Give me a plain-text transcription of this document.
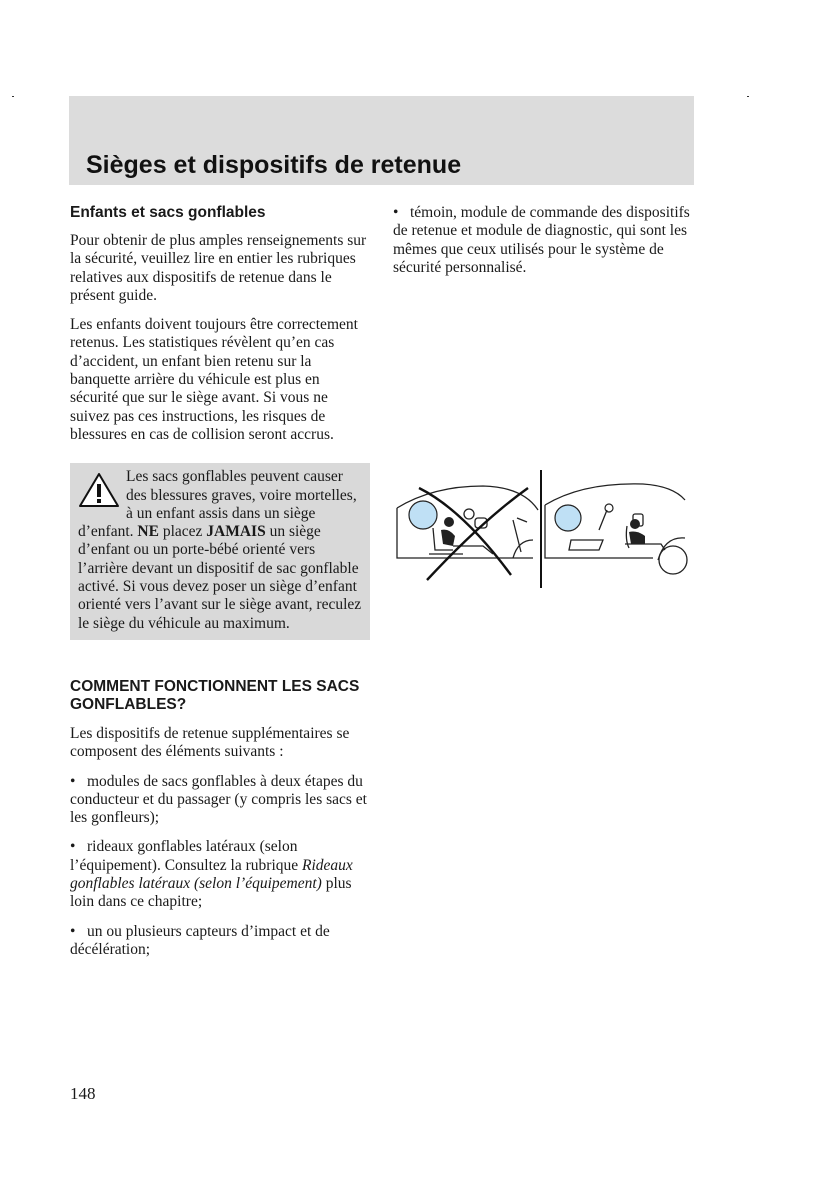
Sièges et dispositifs de retenue
Enfants et sacs gonflables

Pour obtenir de plus amples renseignements sur la sécurité, veuillez lire en entier les rubriques relatives aux dispositifs de retenue dans le présent guide.

Les enfants doivent toujours être correctement retenus. Les statistiques révèlent qu’en cas d’accident, un enfant bien retenu sur la banquette arrière du véhicule est plus en sécurité que sur le siège avant. Si vous ne suivez pas ces instructions, les risques de blessures en cas de collision seront accrus.

Les sacs gonflables peuvent causer des blessures graves, voire mortelles, à un enfant assis dans un siège d’enfant. NE placez JAMAIS un siège d’enfant ou un porte-bébé orienté vers l’arrière devant un dispositif de sac gonflable activé. Si vous devez poser un siège d’enfant orienté vers l’avant sur le siège avant, reculez le siège du véhicule au maximum.
COMMENT FONCTIONNENT LES SACS GONFLABLES?

Les dispositifs de retenue supplémentaires se composent des éléments suivants :

• modules de sacs gonflables à deux étapes du conducteur et du passager (y compris les sacs et les gonfleurs);

• rideaux gonflables latéraux (selon l’équipement). Consultez la rubrique Rideaux gonflables latéraux (selon l’équipement) plus loin dans ce chapitre;

• un ou plusieurs capteurs d’impact et de décélération;

• témoin, module de commande des dispositifs de retenue et module de diagnostic, qui sont les mêmes que ceux utilisés pour le système de sécurité personnalisé.

148
